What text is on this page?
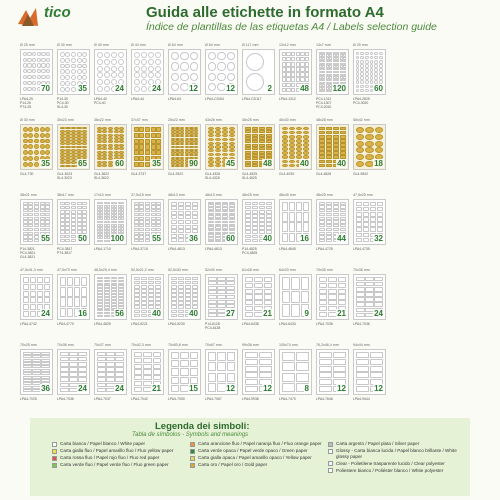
tico	Guida alle etichette in formato A4
Índice de plantillas de las etiquetas A4 / Labels selection guide
Ø 25 mm
70
LPA4-25
P14-25
PT4-25
Ø 30 mm
35
P14-30
PC4-30
SL4-30
Ø 40 mm
24
LPA4-40
PC4-40
Ø 44 mm
24
LPA4-44
Ø 64 mm
12
LPA4-64
Ø 64 mm
12
LPA4-CD/64
Ø 117 mm
2
LPA4-CD117
13x12 mm
48
LPA4-1312
13x7 mm
120
PC4-1312
PC4-1307
PC4-2010
Ø 25 mm
60
LPA4-2825
PC4-3020
Ø 30 mm
35
GL4-T30
30x23 mm
65
GL4-3023
SL4-3023
36x22 mm
60
GL4-3622
SL4-3622
37x37 mm
35
GL4-3737
25x22 mm
90
GL4-2522
43x26 mm
45
GL4-4326
SL4-4326
45x25 mm
48
GL4-4525
SL4-4525
40x30 mm
40
GL4-4030
48x28 mm
40
GL4-4828
55x42 mm
18
GL4-5542
38x21 mm
55
P14-3821
PC4-3821
GL4-3821
38x17 mm
50
PC4-3817
PT4-3817
17x10 mm
100
LPA4-1710
37,5x15 mm
55
LPA4-3715
48x13 mm
36
LPA4-4813
48x13 mm
60
LPA4-4813
48x25 mm
40
P14-4825
PC4-4825
48x45 mm
16
LPA4-4845
48x25 mm
44
LPA4-4725
47,5x25 mm
32
LPA4-4735
47,5x41,3 mm
24
LPA4-4742
47,5x70 mm
16
LPA4-4770
48,5x25,4 mm
56
LPA4-4825
52,5x21,2 mm
40
LPA4-5221
52,5x30 mm
40
LPA4-5230
52x30 mm
27
P14-6128
PC4-6128
61x28 mm
21
LPA4-6438
64x33 mm
9
LPA4-6433
70x35 mm
21
LPA4-7036
70x36 mm
24
LPA4-7036
70x25 mm
36
LPA4-7025
70x36 mm
24
LPA4-7036
70x37 mm
24
LPA4-7037
70x42,3 mm
21
LPA4-7042
70x50,8 mm
15
LPA4-7050
70x67 mm
12
LPA4-7067
99x38 mm
12
LPA4-9938
105x74 mm
8
LPA4-7470
76,2x46,4 mm
12
LPA4-7646
94x44 mm
12
LPA4-9444
Legenda dei simboli:
Tabla de símbolos - Symbols and meanings
Carta bianca / Papel blanco / White paper
Carta gialla fluo / Papel amarillo fluo / Fluo yellow paper
Carta rossa fluo / Papel rojo fluo / Fluo red paper
Carta verde fluo / Papel verde fluo / Fluo green paper
Carta arancione fluo / Papel naranja fluo / Fluo orange paper
Carta verde opaca / Papel verde opaco / Green paper
Carta gialla opaca / Papel amarillo opaco / Yellow paper
Carta oro / Papel oro / Gold paper
Carta argento / Papel plata / Silver paper
Glossy - Carta bianca lucida / Papel blanco brillante / White glossy paper
Clear - Polietilene trasparente lucido / Clear polyester
Poliestere bianco / Poliéster blanco / White polyester
